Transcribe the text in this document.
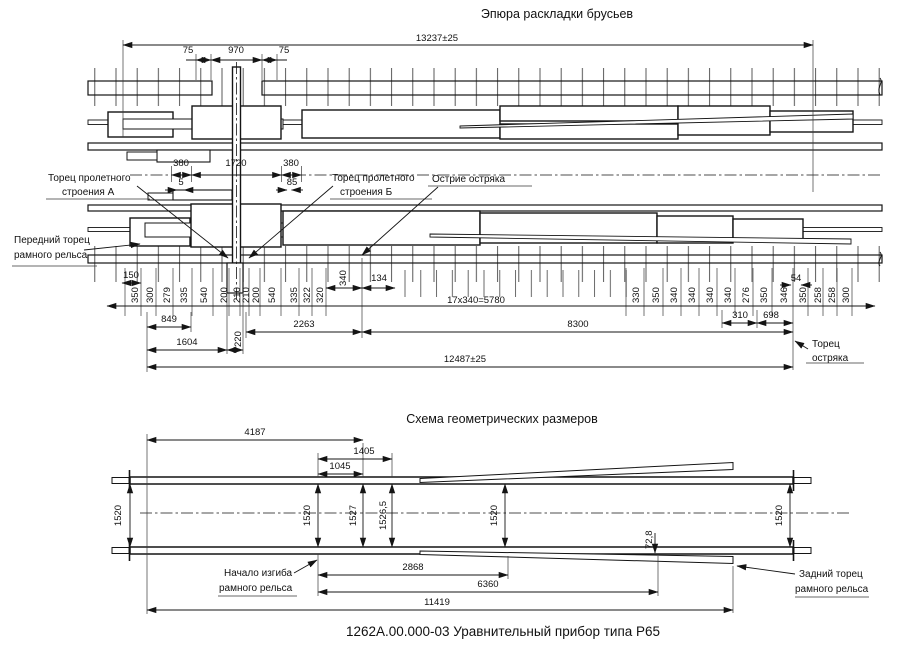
Эпюра раскладки брусьев
13237±25
75	970	75
380	1720	380
5	85
Торец пролетного
строения А
Торец пролетного
строения Б
Острие остряка
Передний торец
рамного рельса
Торец
остряка
150	340 134	54
17x340=5780
350 300 279 335 540 200 210
210 200 540 335 322 320	330 350 340 340 340 340 276 350 346 350 258 258 300
849	2263	8300
310 698
1604	220
12487±25
Схема геометрических размеров
4187
1405
1045
1520	1520	1527 1526,5	1520
72,8
1520
2868
6360
11419
Начало изгиба
рамного рельса
Задний торец
рамного рельса
1262А.00.000-03 Уравнительный прибор типа Р65
